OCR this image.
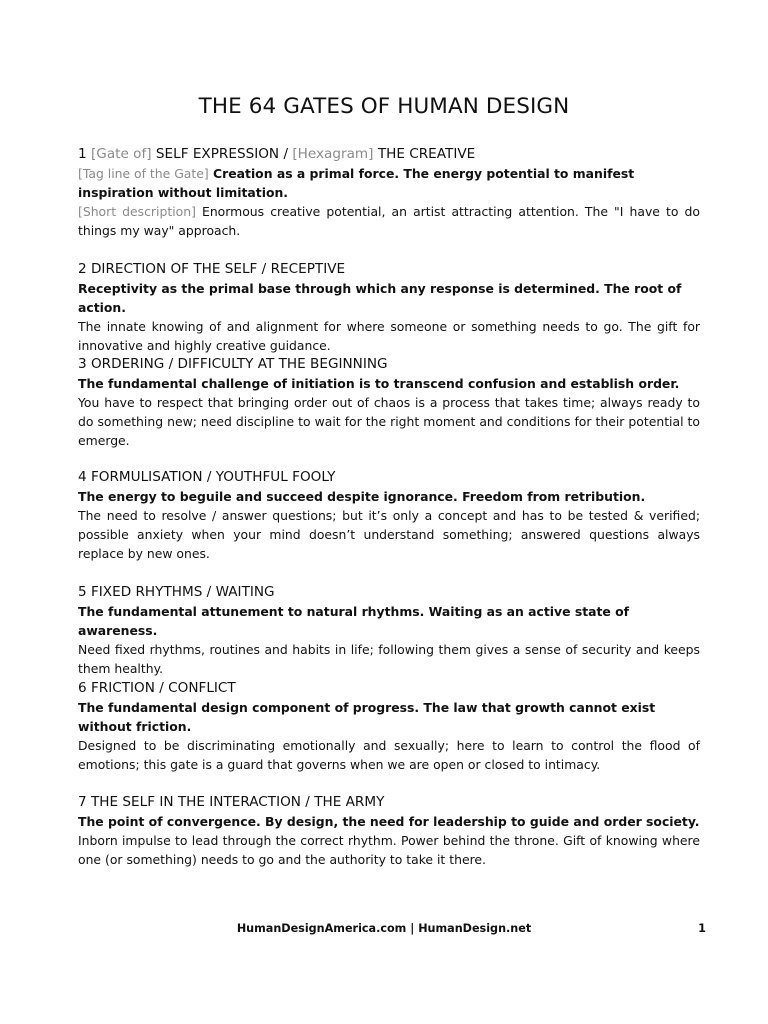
THE 64 GATES OF HUMAN DESIGN
1 [Gate of] SELF EXPRESSION / [Hexagram] THE CREATIVE
[Tag line of the Gate] Creation as a primal force. The energy potential to manifest inspiration without limitation.
[Short description] Enormous creative potential, an artist attracting attention. The "I have to do things my way" approach.
2 DIRECTION OF THE SELF / RECEPTIVE
Receptivity as the primal base through which any response is determined. The root of action.
The innate knowing of and alignment for where someone or something needs to go. The gift for innovative and highly creative guidance.
3 ORDERING / DIFFICULTY AT THE BEGINNING
The fundamental challenge of initiation is to transcend confusion and establish order.
You have to respect that bringing order out of chaos is a process that takes time; always ready to do something new; need discipline to wait for the right moment and conditions for their potential to emerge.
4 FORMULISATION / YOUTHFUL FOOLY
The energy to beguile and succeed despite ignorance. Freedom from retribution.
The need to resolve / answer questions; but it’s only a concept and has to be tested & verified; possible anxiety when your mind doesn’t understand something; answered questions always replace by new ones.
5 FIXED RHYTHMS / WAITING
The fundamental attunement to natural rhythms. Waiting as an active state of awareness.
Need fixed rhythms, routines and habits in life; following them gives a sense of security and keeps them healthy.
6 FRICTION / CONFLICT
The fundamental design component of progress. The law that growth cannot exist without friction.
Designed to be discriminating emotionally and sexually; here to learn to control the flood of emotions; this gate is a guard that governs when we are open or closed to intimacy.
7 THE SELF IN THE INTERACTION / THE ARMY
The point of convergence. By design, the need for leadership to guide and order society.
Inborn impulse to lead through the correct rhythm. Power behind the throne. Gift of knowing where one (or something) needs to go and the authority to take it there.
HumanDesignAmerica.com | HumanDesign.net	1
